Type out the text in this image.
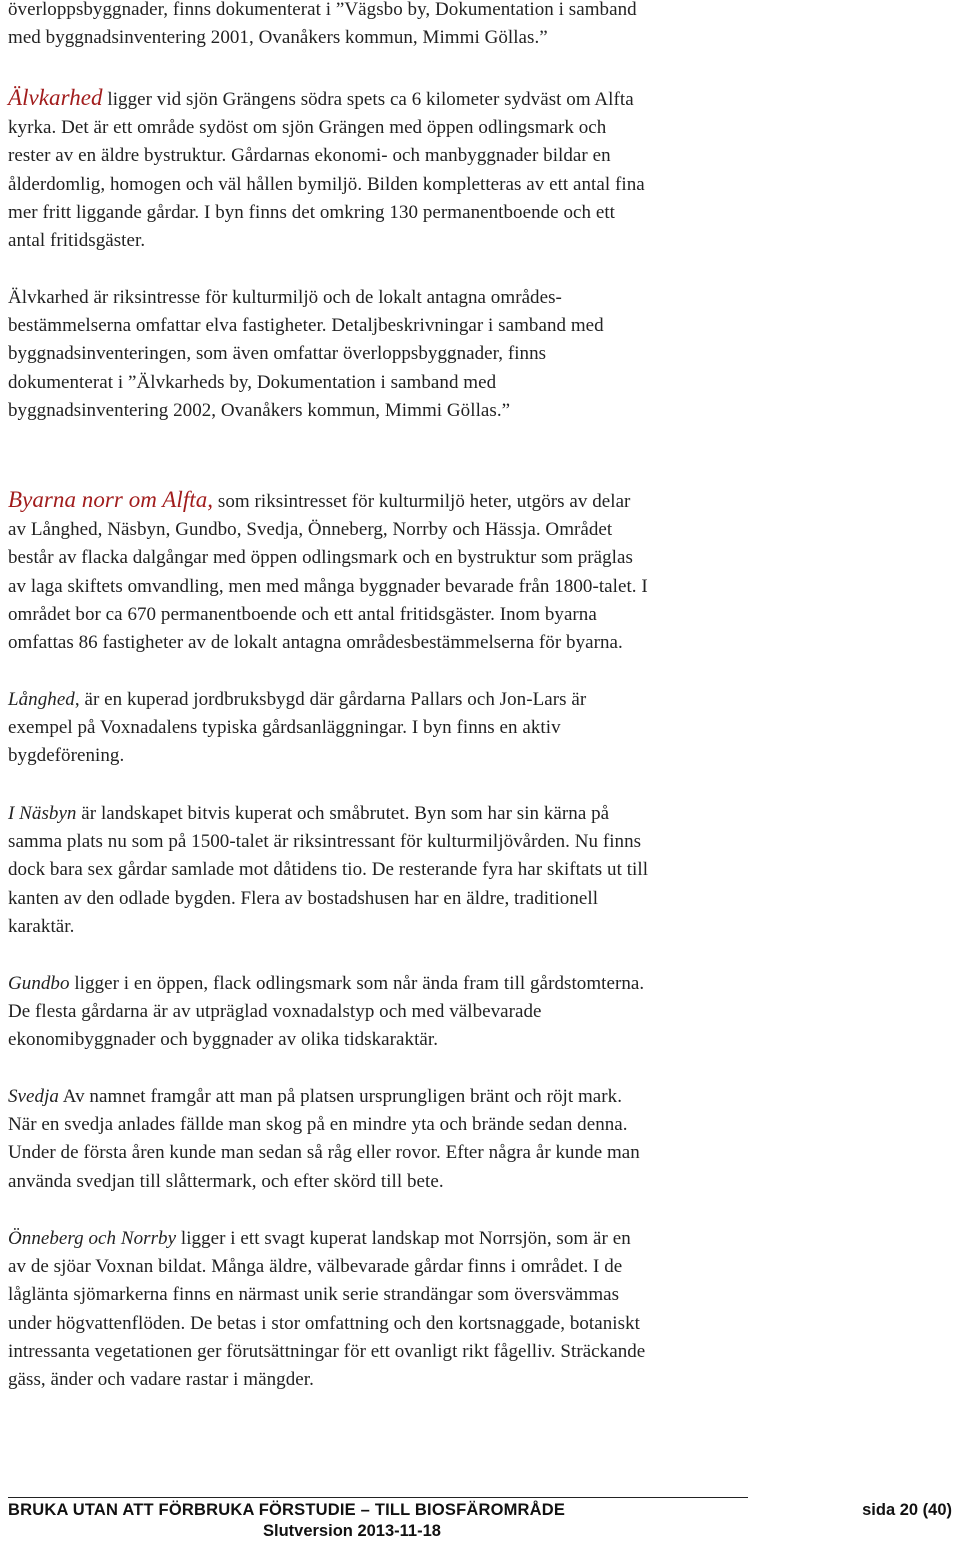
överloppsbyggnader, finns dokumenterat i ”Vägsbo by, Dokumentation i samband
med byggnadsinventering 2001, Ovanåkers kommun, Mimmi Göllas.”
Älvkarhed ligger vid sjön Grängens södra spets ca 6 kilometer sydväst om Alfta
kyrka. Det är ett område sydöst om sjön Grängen med öppen odlingsmark och
rester av en äldre bystruktur. Gårdarnas ekonomi- och manbyggnader bildar en
ålderdomlig, homogen och väl hållen bymiljö. Bilden kompletteras av ett antal fina
mer fritt liggande gårdar. I byn finns det omkring 130 permanentboende och ett
antal fritidsgäster.
Älvkarhed är riksintresse för kulturmiljö och de lokalt antagna områdes-
bestämmelserna omfattar elva fastigheter. Detaljbeskrivningar i samband med
byggnadsinventeringen, som även omfattar överloppsbyggnader, finns
dokumenterat i ”Älvkarheds by, Dokumentation i samband med
byggnadsinventering 2002, Ovanåkers kommun, Mimmi Göllas.”
Byarna norr om Alfta, som riksintresset för kulturmiljö heter, utgörs av delar
av Långhed, Näsbyn, Gundbo, Svedja, Önneberg, Norrby och Hässja. Området
består av flacka dalgångar med öppen odlingsmark och en bystruktur som präglas
av laga skiftets omvandling, men med många byggnader bevarade från 1800-talet. I
området bor ca 670 permanentboende och ett antal fritidsgäster. Inom byarna
omfattas 86 fastigheter av de lokalt antagna områdesbestämmelserna för byarna.
Långhed, är en kuperad jordbruksbygd där gårdarna Pallars och Jon-Lars är
exempel på Voxnadalens typiska gårdsanläggningar. I byn finns en aktiv
bygdeförening.
I Näsbyn är landskapet bitvis kuperat och småbrutet. Byn som har sin kärna på
samma plats nu som på 1500-talet är riksintressant för kulturmiljövården. Nu finns
dock bara sex gårdar samlade mot dåtidens tio. De resterande fyra har skiftats ut till
kanten av den odlade bygden. Flera av bostadshusen har en äldre, traditionell
karaktär.
Gundbo ligger i en öppen, flack odlingsmark som når ända fram till gårdstomterna.
De flesta gårdarna är av utpräglad voxnadalstyp och med välbevarade
ekonomibyggnader och byggnader av olika tidskaraktär.
Svedja Av namnet framgår att man på platsen ursprungligen bränt och röjt mark.
När en svedja anlades fällde man skog på en mindre yta och brände sedan denna.
Under de första åren kunde man sedan så råg eller rovor. Efter några år kunde man
använda svedjan till slåttermark, och efter skörd till bete.
Önneberg och Norrby ligger i ett svagt kuperat landskap mot Norrsjön, som är en
av de sjöar Voxnan bildat. Många äldre, välbevarade gårdar finns i området. I de
låglänta sjömarkerna finns en närmast unik serie strandängar som översvämmas
under högvattenflöden. De betas i stor omfattning och den kortsnaggade, botaniskt
intressanta vegetationen ger förutsättningar för ett ovanligt rikt fågelliv. Sträckande
gäss, änder och vadare rastar i mängder.
BRUKA UTAN ATT FÖRBRUKA FÖRSTUDIE – TILL BIOSFÄROMRÅDE	sida 20 (40)
Slutversion 2013-11-18
